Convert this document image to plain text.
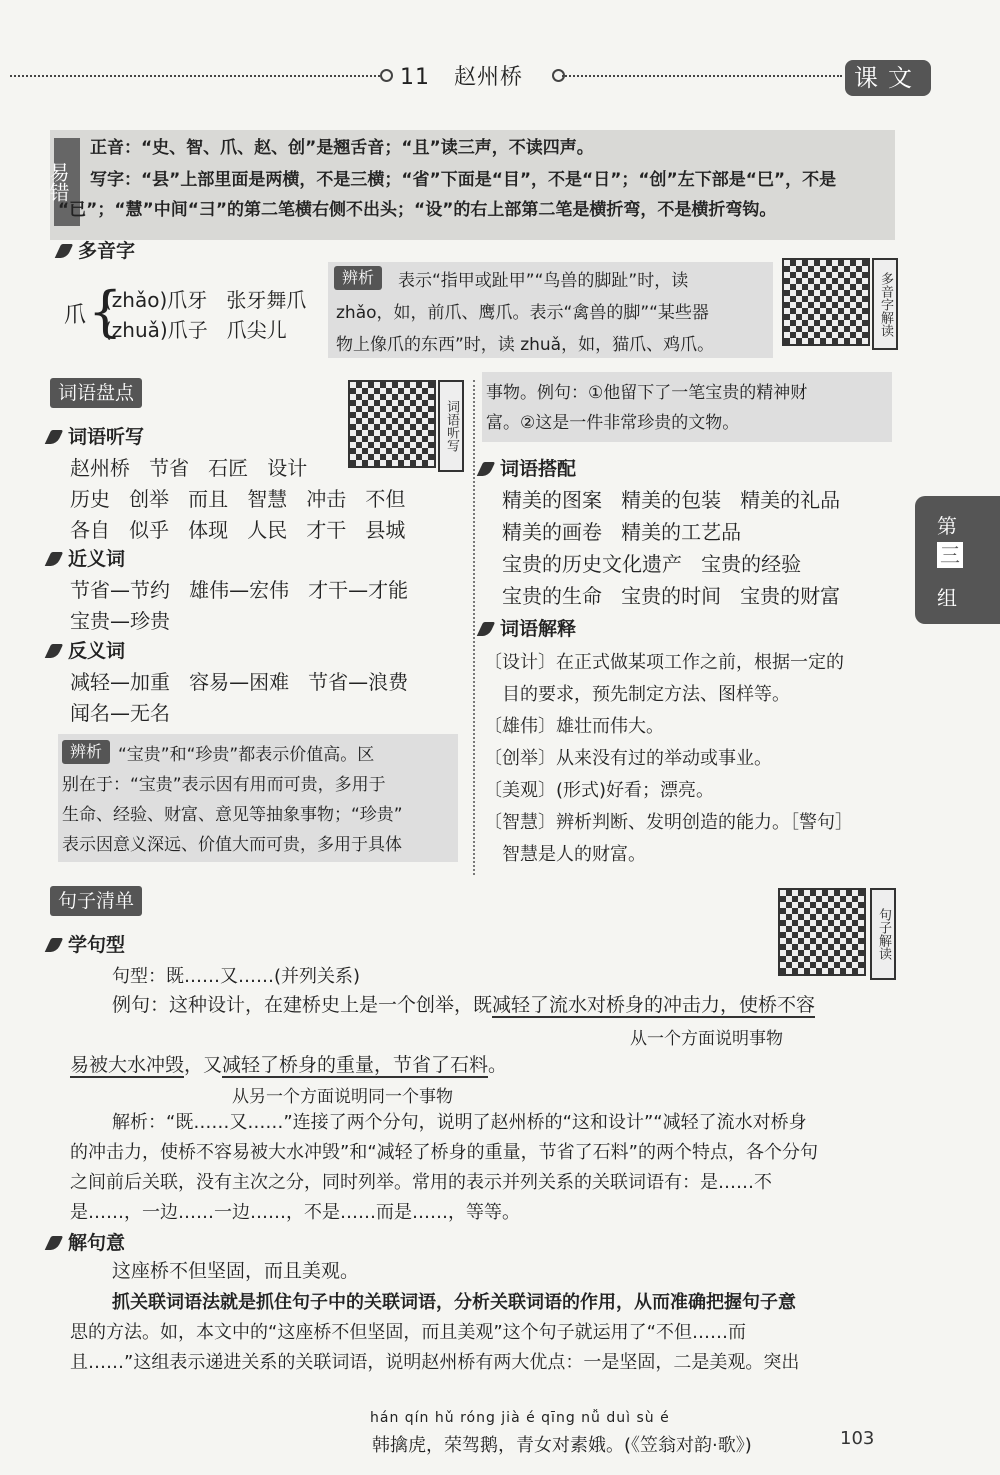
11 赵州桥	课文
易错
正音：“史、智、爪、赵、创”是翘舌音；“且”读三声，不读四声。
写字：“县”上部里面是两横，不是三横；“省”下面是“目”，不是“日”；“创”左下部是“巳”，不是
“已”；“慧”中间“彐”的第二笔横右侧不出头；“设”的右上部第二笔是横折弯，不是横折弯钩。
多音字
爪 {
(zhǎo)爪牙 张牙舞爪
(zhuǎ)爪子 爪尖儿
辨析	表示“指甲或趾甲”“鸟兽的脚趾”时，读
zhǎo，如，前爪、鹰爪。表示“禽兽的脚”“某些器
物上像爪的东西”时，读 zhuǎ，如，猫爪、鸡爪。
多音字解读
词语盘点
词语听写
词语听写
赵州桥 节省 石匠 设计
历史 创举 而且 智慧 冲击 不但
各自 似乎 体现 人民 才干 县城
近义词
节省—节约 雄伟—宏伟 才干—才能
宝贵—珍贵
反义词
减轻—加重 容易—困难 节省—浪费
闻名—无名
辨析 “宝贵”和“珍贵”都表示价值高。区
别在于：“宝贵”表示因有用而可贵，多用于
生命、经验、财富、意见等抽象事物；“珍贵”
表示因意义深远、价值大而可贵，多用于具体
事物。例句：①他留下了一笔宝贵的精神财
富。②这是一件非常珍贵的文物。
词语搭配
精美的图案 精美的包装 精美的礼品
精美的画卷 精美的工艺品
宝贵的历史文化遗产 宝贵的经验
宝贵的生命 宝贵的时间 宝贵的财富
词语解释
〔设计〕在正式做某项工作之前，根据一定的
目的要求，预先制定方法、图样等。
〔雄伟〕雄壮而伟大。
〔创举〕从来没有过的举动或事业。
〔美观〕(形式)好看；漂亮。
〔智慧〕辨析判断、发明创造的能力。［警句］
智慧是人的财富。
第
三
组
句子清单
句子解读
学句型
句型：既……又……(并列关系)
例句：这种设计，在建桥史上是一个创举，既减轻了流水对桥身的冲击力，使桥不容
从一个方面说明事物
易被大水冲毁，又减轻了桥身的重量，节省了石料。
从另一个方面说明同一个事物
解析：“既……又……”连接了两个分句，说明了赵州桥的“这和设计”“减轻了流水对桥身
的冲击力，使桥不容易被大水冲毁”和“减轻了桥身的重量，节省了石料”的两个特点，各个分句
之间前后关联，没有主次之分，同时列举。常用的表示并列关系的关联词语有：是……不
是……，一边……一边……，不是……而是……，等等。
解句意
这座桥不但坚固，而且美观。
抓关联词语法就是抓住句子中的关联词语，分析关联词语的作用，从而准确把握句子意
思的方法。如，本文中的“这座桥不但坚固，而且美观”这个句子就运用了“不但……而
且……”这组表示递进关系的关联词语，说明赵州桥有两大优点：一是坚固，二是美观。突出
hán qín hǔ róng jià é qīng nǚ duì sù é
韩擒虎，荣驾鹅，青女对素娥。(《笠翁对韵·歌》)	103
